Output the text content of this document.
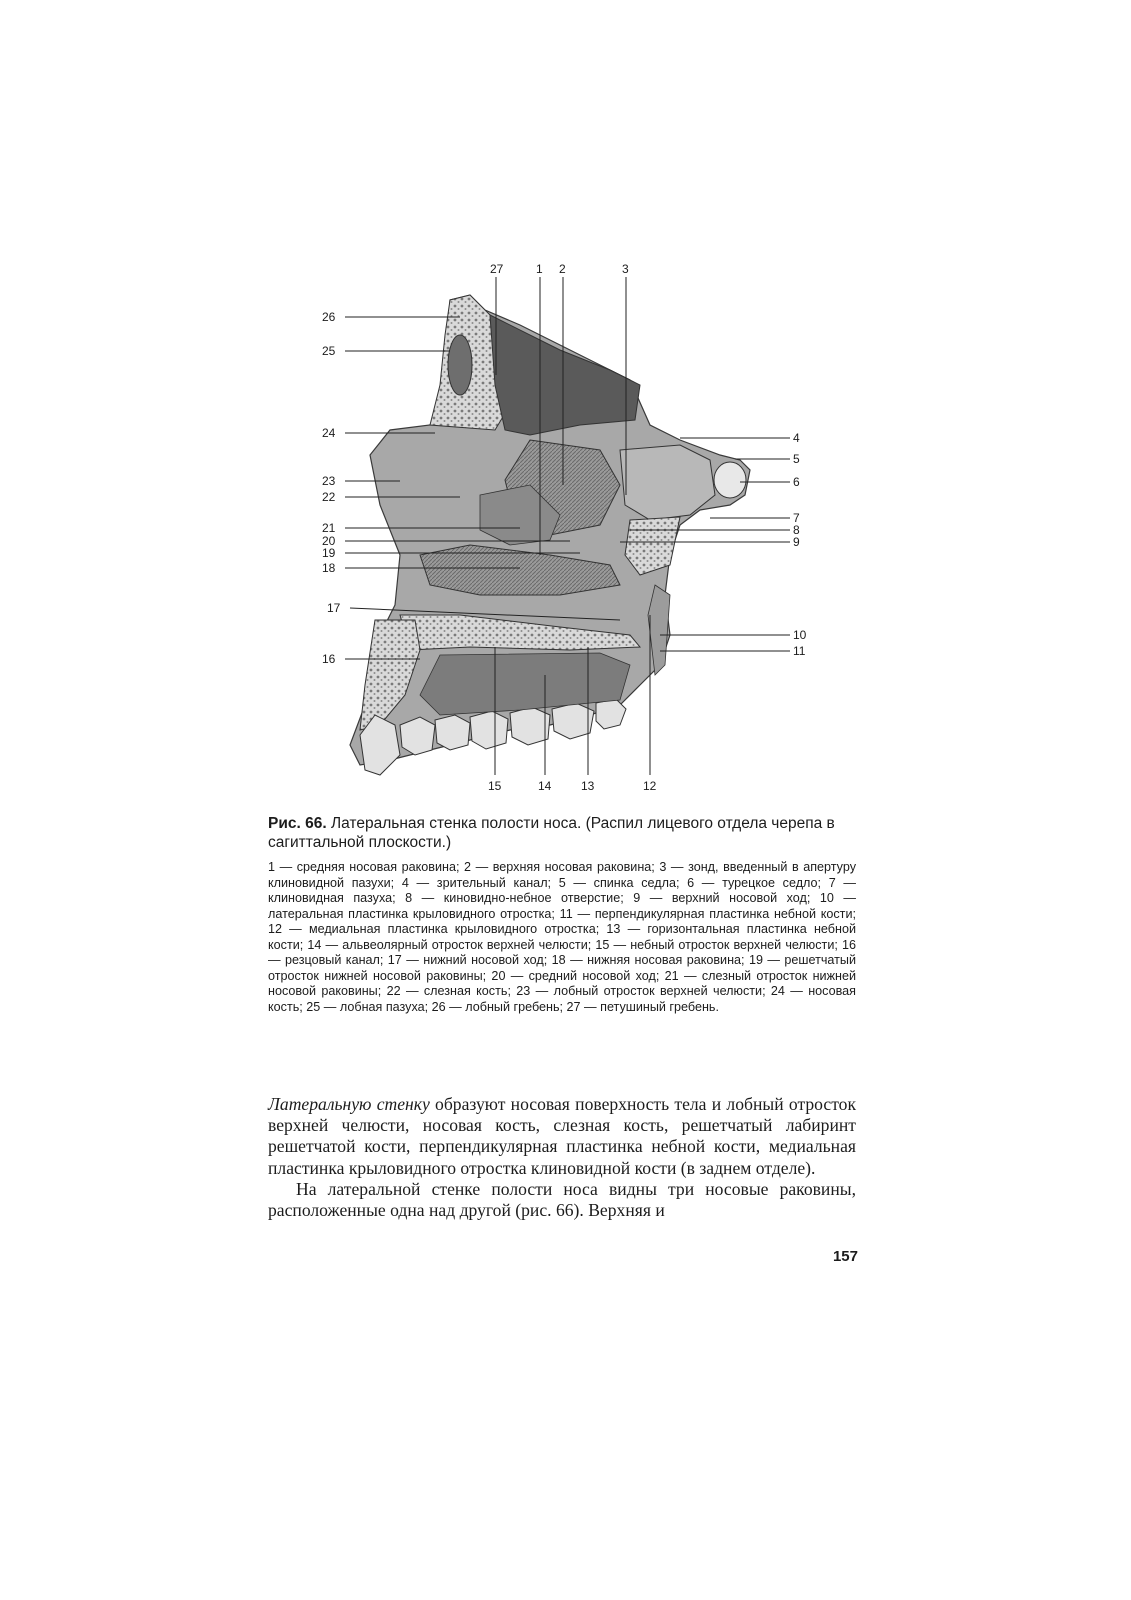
27	1 2	3
26
25
24
23
22
21
20
19
18
17
16
4
5
6
7
8
9
10
11
15	14 13	12
Рис. 66. Латеральная стенка полости носа. (Распил лицевого отдела черепа в сагиттальной плоскости.)
1 — средняя носовая раковина; 2 — верхняя носовая раковина; 3 — зонд, введенный в апертуру клиновидной пазухи; 4 — зрительный канал; 5 — спинка седла; 6 — турецкое седло; 7 — клиновидная пазуха; 8 — киновидно-небное отверстие; 9 — верхний носовой ход; 10 — латеральная пластинка крыловидного отростка; 11 — перпендикулярная пластинка небной кости; 12 — медиальная пластинка крыловидного отростка; 13 — горизонтальная пластинка небной кости; 14 — альвеолярный отросток верхней челюсти; 15 — небный отросток верхней челюсти; 16 — резцовый канал; 17 — нижний носовой ход; 18 — нижняя носовая раковина; 19 — решетчатый отросток нижней носовой раковины; 20 — средний носовой ход; 21 — слезный отросток нижней носовой раковины; 22 — слезная кость; 23 — лобный отросток верхней челюсти; 24 — носовая кость; 25 — лобная пазуха; 26 — лобный гребень; 27 — петушиный гребень.

Латеральную стенку образуют носовая поверхность тела и лобный отросток верхней челюсти, носовая кость, слезная кость, решетчатый лабиринт решетчатой кости, перпендикулярная пластинка небной кости, медиальная пластинка крыловидного отростка клиновидной кости (в заднем отделе).

На латеральной стенке полости носа видны три носовые раковины, расположенные одна над другой (рис. 66). Верхняя и

157
